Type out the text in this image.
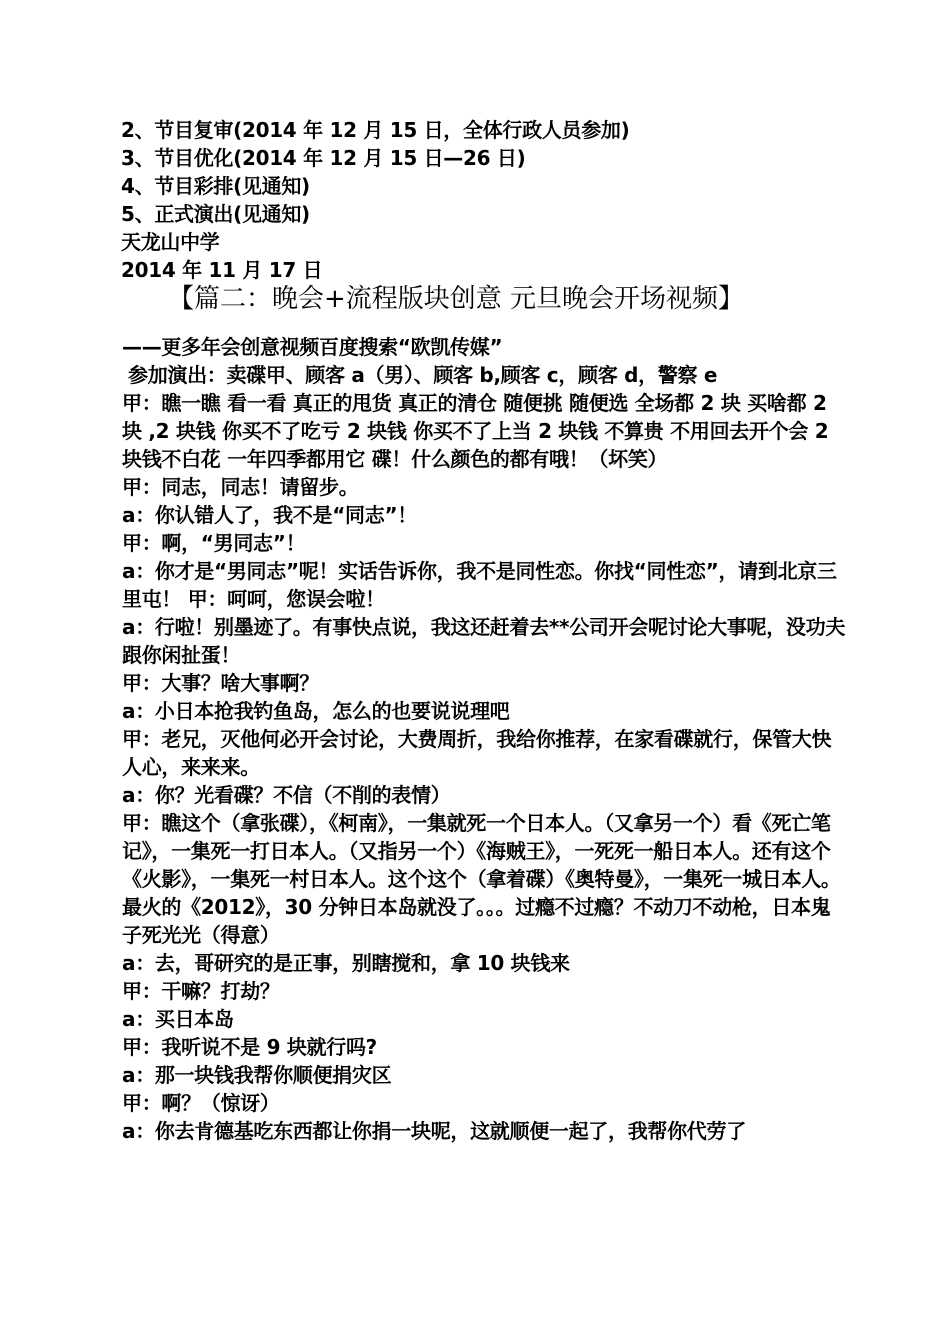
2、节目复审(2014 年 12 月 15 日，全体行政人员参加)
3、节目优化(2014 年 12 月 15 日—26 日)
4、节目彩排(见通知)
5、正式演出(见通知)
天龙山中学
2014 年 11 月 17 日
【篇二：晚会+流程版块创意 元旦晚会开场视频】
——更多年会创意视频百度搜索“欧凯传媒”
参加演出：卖碟甲、顾客 a（男）、顾客 b,顾客 c，顾客 d，警察 e
甲：瞧一瞧 看一看 真正的甩货 真正的清仓 随便挑 随便选 全场都 2 块 买啥都 2 块 ,2 块钱 你买不了吃亏 2 块钱 你买不了上当 2 块钱 不算贵 不用回去开个会 2 块钱不白花 一年四季都用它 碟！什么颜色的都有哦！（坏笑）
甲：同志，同志！请留步。
a：你认错人了，我不是“同志”！
甲：啊，“男同志”！
a：你才是“男同志”呢！实话告诉你，我不是同性恋。你找“同性恋”，请到北京三里屯！ 甲：呵呵，您误会啦！
a：行啦！别墨迹了。有事快点说，我这还赶着去**公司开会呢讨论大事呢，没功夫跟你闲扯蛋！
甲：大事？啥大事啊？
a：小日本抢我钓鱼岛，怎么的也要说说理吧
甲：老兄，灭他何必开会讨论，大费周折，我给你推荐，在家看碟就行，保管大快人心，来来来。
a：你？光看碟？不信（不削的表情）
甲：瞧这个（拿张碟），《柯南》，一集就死一个日本人。（又拿另一个）看《死亡笔记》，一集死一打日本人。（又指另一个）《海贼王》，一死死一船日本人。还有这个《火影》，一集死一村日本人。这个这个（拿着碟）《奥特曼》，一集死一城日本人。最火的《2012》，30 分钟日本岛就没了。。。过瘾不过瘾？不动刀不动枪，日本鬼子死光光（得意）
a：去，哥研究的是正事，别瞎搅和，拿 10 块钱来
甲：干嘛？打劫？
a：买日本岛
甲：我听说不是 9 块就行吗?
a：那一块钱我帮你顺便捐灾区
甲：啊？（惊讶）
a：你去肯德基吃东西都让你捐一块呢，这就顺便一起了，我帮你代劳了
